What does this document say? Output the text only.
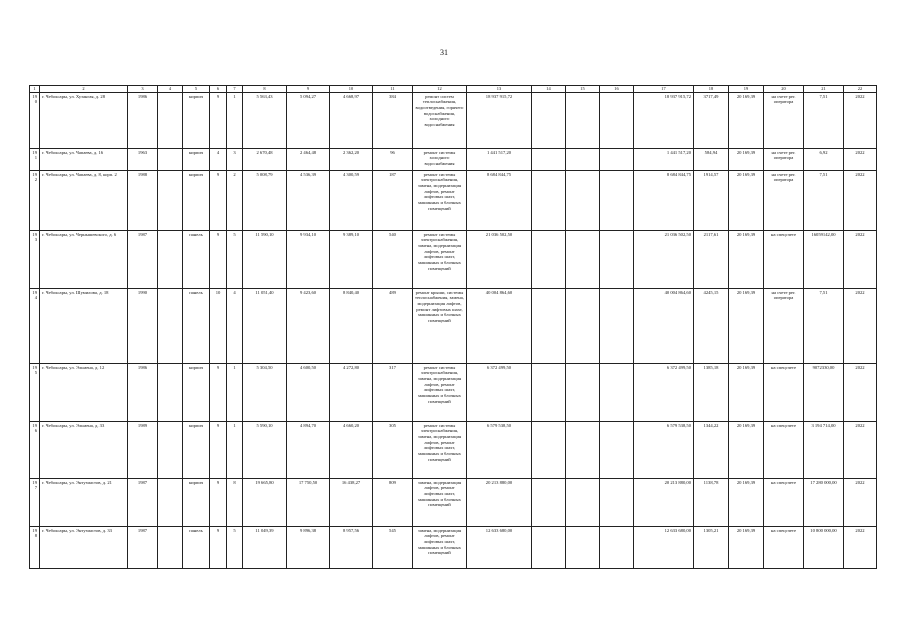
31
1	2	3	4	5	6	7	8	9	10	11	12	13	14	15	16	17	18	19	20	21	22
190	г. Чебоксары, ул. Хузангая, д. 28	1986		кирпич	9	1	5 563,43	5 094,27	4 668,97	384	ремонт систем теплоснабжения, водоотведения, горячего водоснабжения, холодного водоснабжения	18 937 915,72				18 937 915,72	3717,49	20 169,39	на счете рег. оператора	7,51	2022
191	г. Чебоксары, ул. Чапаева, д. 16	1963		кирпич	4	3	2 670,48	2 464,48	2 362,20	96	ремонт системы холодного водоснабжения	1 441 517,20				1 441 517,20	584,94	20 169,39	на счете рег. оператора	6,92	2022
192	г. Чебоксары, ул. Чапаева, д. 8, корп. 2	1988		кирпич	9	2	5 008,79	4 536,39	4 300,59	187	ремонт системы электроснабжения, замена, модернизация лифтов, ремонт лифтовых шахт, машинных и блочных помещений	8 684 844,75				8 684 844,75	1914,57	20 169,39	на счете рег. оператора	7,51	2022
193	г. Чебоксары, ул. Чернышевского, д. 6	1987		панель	9	5	11 590,10	9 934,10	9 389,10	540	ремонт системы электроснабжения, замена, модернизация лифтов, ремонт лифтовых шахт, машинных и блочных помещений	21 036 502,50				21 036 502,50	2117,61	20 169,39	на спецсчете	16059142,00	2022
194	г. Чебоксары, ул. Шумилова, д. 18	1990		панель	10	4	11 051,40	9 423,60	8 840,40	489	ремонт крыши, системы теплоснабжения, замена, модернизация лифтов, ремонт лифтовых шахт, машинных и блочных помещений	40 004 864,60				40 004 864,60	4245,15	20 169,39	на счете рег. оператора	7,51	2022
195	г. Чебоксары, ул. Эльмена, д. 12	1986		кирпич	9	1	5 304,50	4 600,50	4 272,80	317	ремонт системы электроснабжения, замена, модернизация лифтов, ремонт лифтовых шахт, машинных и блочных помещений	6 372 499,50				6 372 499,50	1385,18	20 169,39	на спецсчете	9072330,00	2022
196	г. Чебоксары, ул. Эльмена, д. 33	1989		кирпич	9	1	5 590,10	4 894,70	4 660,20	305	ремонт системы электроснабжения, замена, модернизация лифтов, ремонт лифтовых шахт, машинных и блочных помещений	6 579 538,50				6 579 538,50	1344,22	20 169,39	на спецсчете	3 194 714,00	2022
197	г. Чебоксары, ул. Энтузиастов, д. 21	1987		кирпич	9	8	19 665,80	17 750,50	16 438,27	809	замена, модернизация лифтов, ремонт лифтовых шахт, машинных и блочных помещений	20 213 880,00				20 213 880,00	1138,78	20 169,39	на спецсчете	17 280 000,00	2022
198	г. Чебоксары, ул. Энтузиастов, д. 33	1987		панель	9	5	11 049,39	9 896,38	8 957,56	545	замена, модернизация лифтов, ремонт лифтовых шахт, машинных и блочных помещений	12 633 680,00				12 633 680,00	1305,21	20 169,39	на спецсчете	10 800 000,00	2022
